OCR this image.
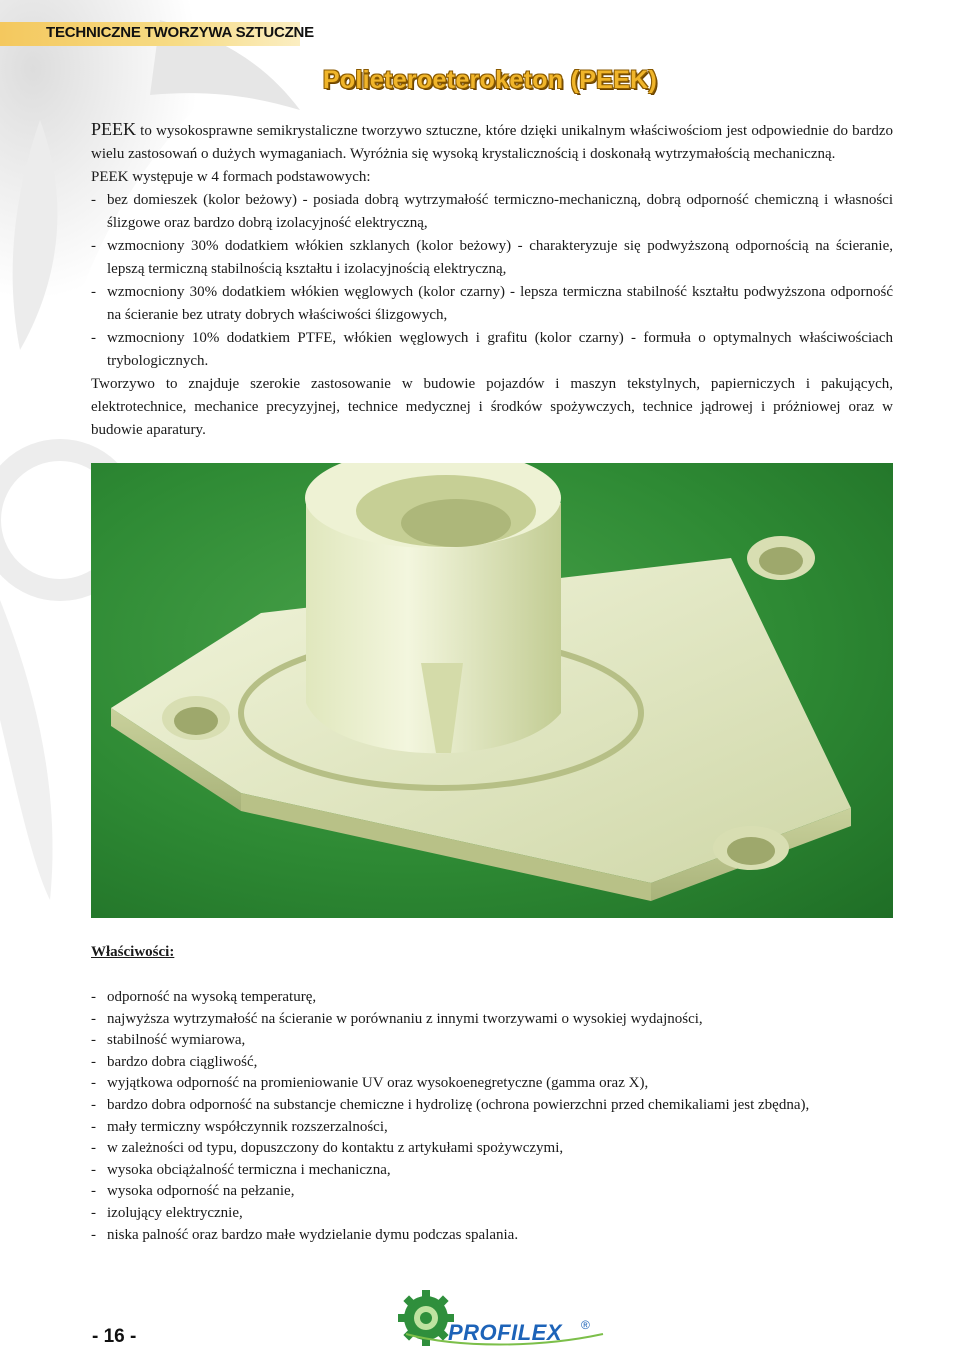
TECHNICZNE TWORZYWA SZTUCZNE
Polieteroeteroketon (PEEK)

PEEK to wysokosprawne semikrystaliczne tworzywo sztuczne, które dzięki unikalnym właściwościom jest odpowiednie do bardzo wielu zastosowań o dużych wymaganiach. Wyróżnia się wysoką krystalicznością i doskonałą wytrzymałością mechaniczną.

PEEK występuje w 4 formach podstawowych:

- bez domieszek (kolor beżowy) - posiada dobrą wytrzymałość termiczno-mechaniczną, dobrą odporność chemiczną i własności ślizgowe oraz bardzo dobrą izolacyjność elektryczną,
- wzmocniony 30% dodatkiem włókien szklanych (kolor beżowy) - charakteryzuje się podwyższoną odpornością na ścieranie, lepszą termiczną stabilnością kształtu i izolacyjnością elektryczną,
- wzmocniony 30% dodatkiem włókien węglowych (kolor czarny) - lepsza termiczna stabilność kształtu podwyższona odporność na ścieranie bez utraty dobrych właściwości ślizgowych,
- wzmocniony 10% dodatkiem PTFE, włókien węglowych i grafitu (kolor czarny) - formuła o optymalnych właściwościach trybologicznych.

Tworzywo to znajduje szerokie zastosowanie w budowie pojazdów i maszyn tekstylnych, papierniczych i pakujących, elektrotechnice, mechanice precyzyjnej, technice medycznej i środków spożywczych, technice jądrowej i próżniowej oraz w budowie aparatury.

Właściwości:
- odporność na wysoką temperaturę,
- najwyższa wytrzymałość na ścieranie w porównaniu z innymi tworzywami o wysokiej wydajności,
- stabilność wymiarowa,
- bardzo dobra ciągliwość,
- wyjątkowa odporność na promieniowanie UV oraz wysokoenegretyczne (gamma oraz X),
- bardzo dobra odporność na substancje chemiczne i hydrolizę (ochrona powierzchni przed chemikaliami jest zbędna),
- mały termiczny współczynnik rozszerzalności,
- w zależności od typu, dopuszczony do kontaktu z artykułami spożywczymi,
- wysoka obciążalność termiczna i mechaniczna,
- wysoka odporność na pełzanie,
- izolujący elektrycznie,
- niska palność oraz bardzo małe wydzielanie dymu podczas spalania.
- 16 -	PROFILEX ®
